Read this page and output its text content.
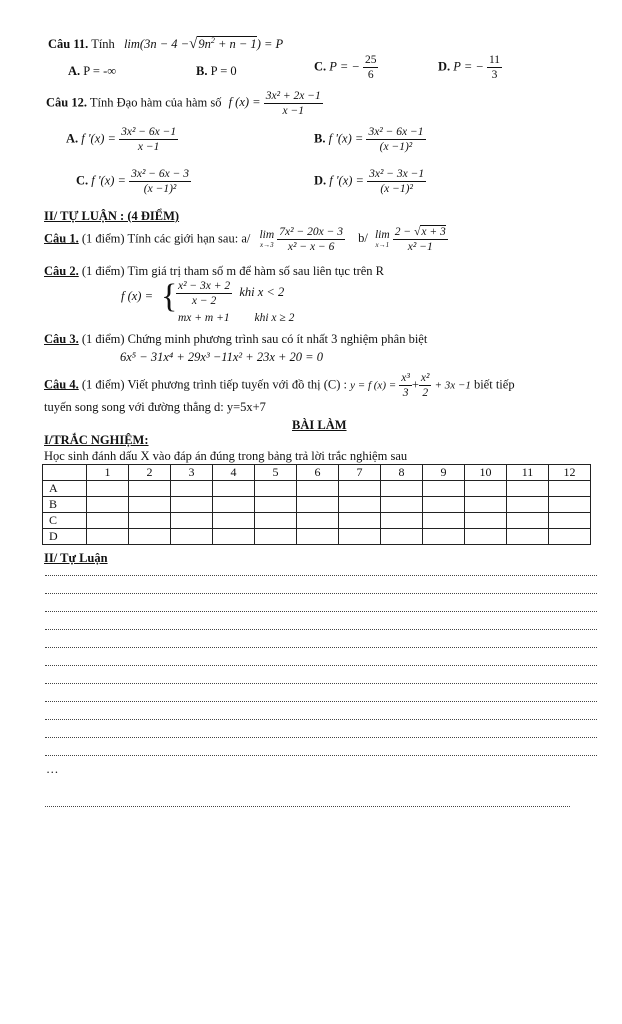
Câu 11. Tính $\lim(3n - 4 -√9n^2 + n - 1) = P$
A. P = -∞	B. P = 0	C. P = − $\frac{25}{6}$	D. P = − $\frac{11}{3}$
Câu 12. Tính Đạo hàm của hàm số f $(x) = \frac{\text{3x² + 2x −1}}{x -1}$
A. f '$(x) = \frac{\text{3x² − 6x −1}}{x -1}$	B. f '$(x) = \frac{\text{3x² − 6x −1}}{\text{(x −1)²}}$
C. f '$(x) = \frac{\text{3x² − 6x − 3}}{\text{(x −1)²}}$	D. f '$(x) = \frac{\text{3x² − 3x −1}}{\text{(x −1)²}}$
II/ TỰ LUẬN : (4 ĐIỂM)
Câu 1. (1 điểm) Tính các giới hạn sau: a/ lim
x→3
$\frac{\text{7x² − 20x − 3}}{\text{x² − x − 6}} b/$ lim
x→1
$\frac{2 - √x + 3}{\text{x² −1}}$
Câu 2. (1 điểm) Tìm giá trị tham số m để hàm số sau liên tục trên R
f (x) = {
$\frac{\text{x² − 3x + 2}}{x - 2}$ khi x < 2
mx + m +1 khi x ≥ 2
Câu 3. (1 điểm) Chứng minh phương trình sau có ít nhất 3 nghiệm phân biệt
6x⁵ − 31x⁴ + 29x³ −11x² + 23x + 20 = 0
Câu 4. (1 điểm) Viết phương trình tiếp tuyến với đồ thị (C) : y = f $(x) = \frac{\text{x³}}{3} + \frac{\text{x²}}{2} + 3x -1$ biết tiếp
tuyến song song với đường thẳng d: y=5x+7
BÀI LÀM
I/TRẮC NGHIỆM:
Học sinh đánh dấu X vào đáp án đúng trong bảng trả lời trắc nghiệm sau
	1	2	3	4	5	6	7	8	9	10	11	12
A												
B												
C												
D												
II/ Tự Luận
…
